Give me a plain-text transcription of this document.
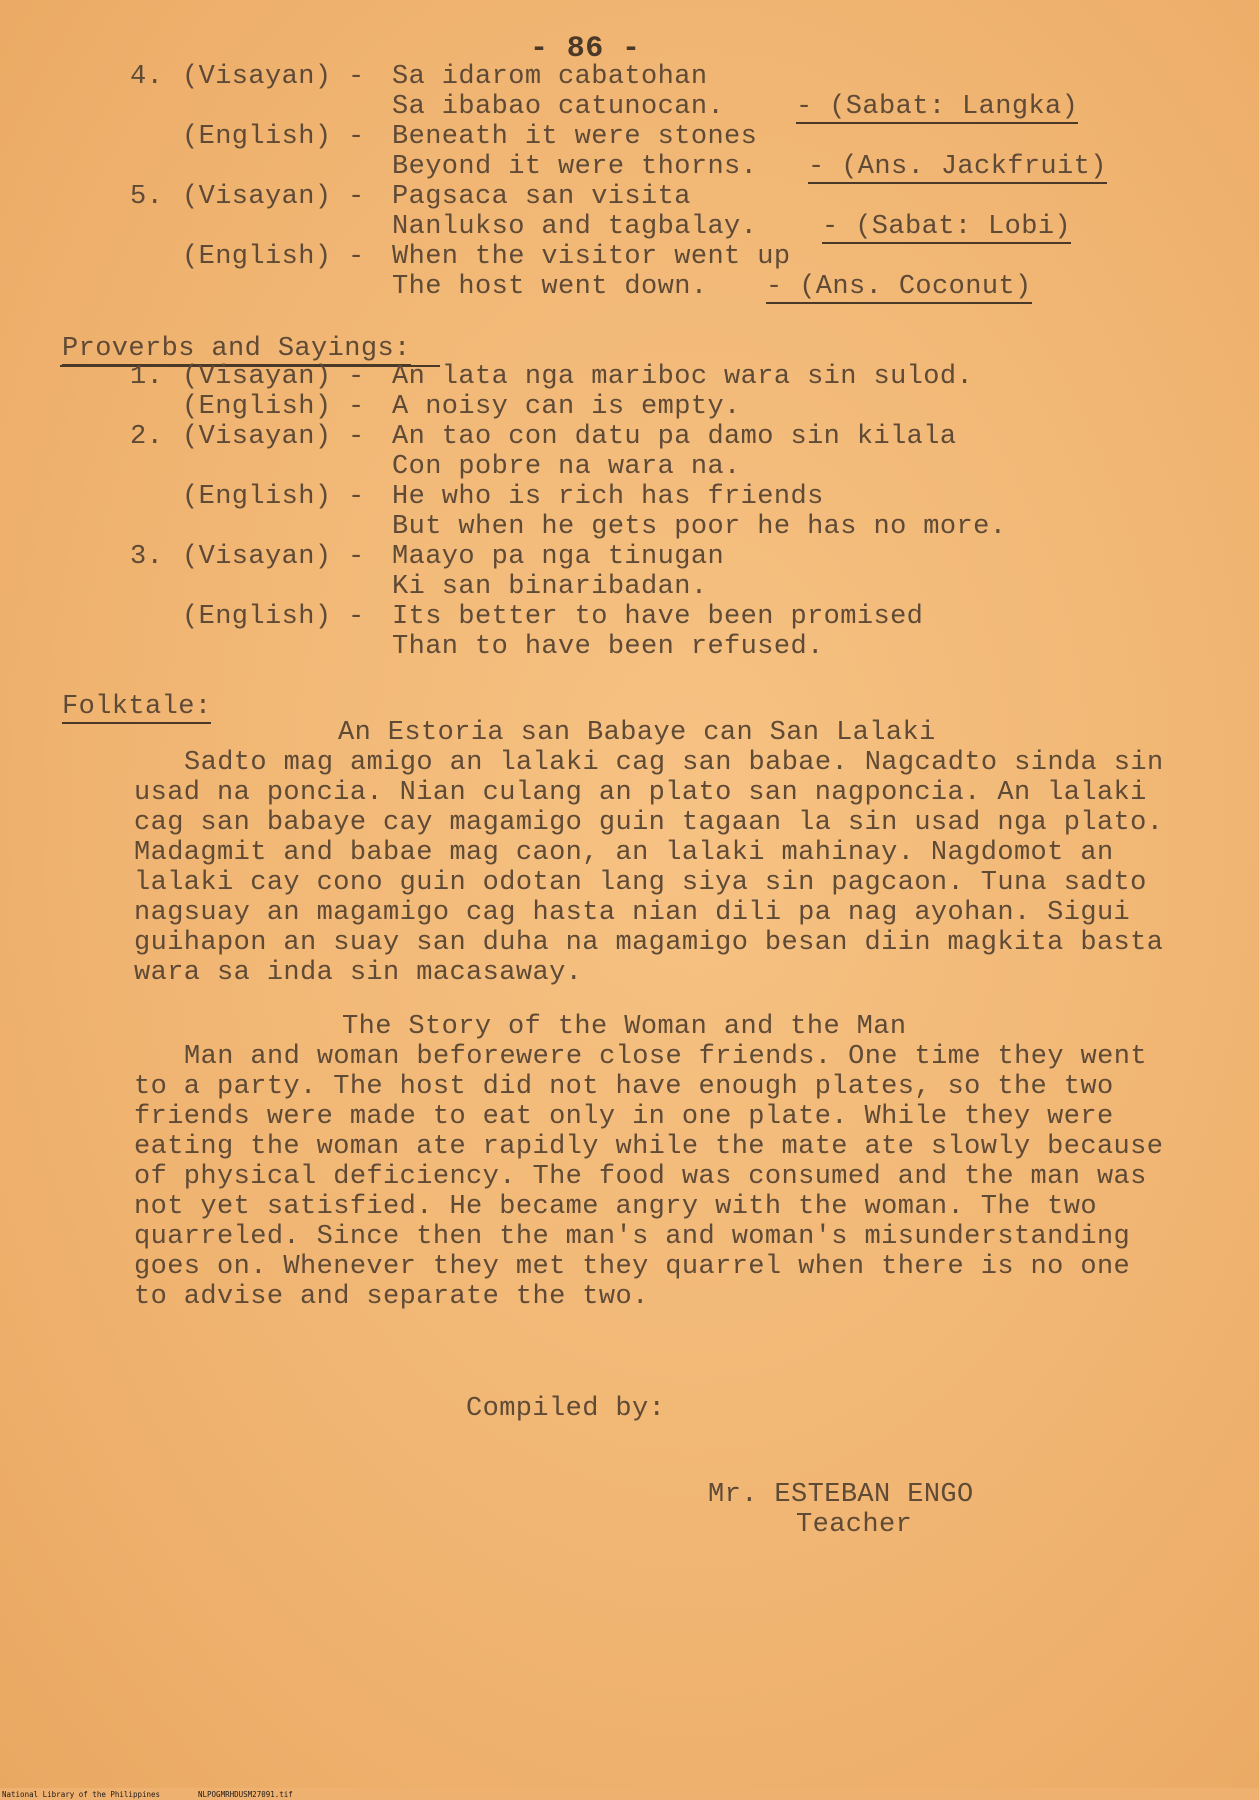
- 86 -
4. (Visayan) - Sa idarom cabatohan
Sa ibabao catunocan.	- (Sabat: Langka)
(English) - Beneath it were stones
Beyond it were thorns. - (Ans. Jackfruit)
5. (Visayan) - Pagsaca san visita
Nanlukso and tagbalay. - (Sabat: Lobi)
(English) - When the visitor went up
The host went down. - (Ans. Coconut)
Proverbs and Sayings:
1. (Visayan) - An lata nga mariboc wara sin sulod.
(English) - A noisy can is empty.
2. (Visayan) - An tao con datu pa damo sin kilala
Con pobre na wara na.
(English) - He who is rich has friends
But when he gets poor he has no more.
3. (Visayan) - Maayo pa nga tinugan
Ki san binaribadan.
(English) - Its better to have been promised
Than to have been refused.
Folktale:
An Estoria san Babaye can San Lalaki
Sadto mag amigo an lalaki cag san babae. Nagcadto sinda sin
usad na poncia. Nian culang an plato san nagponcia. An lalaki
cag san babaye cay magamigo guin tagaan la sin usad nga plato.
Madagmit and babae mag caon, an lalaki mahinay. Nagdomot an
lalaki cay cono guin odotan lang siya sin pagcaon. Tuna sadto
nagsuay an magamigo cag hasta nian dili pa nag ayohan. Sigui
guihapon an suay san duha na magamigo besan diin magkita basta
wara sa inda sin macasaway.
The Story of the Woman and the Man
Man and woman beforewere close friends. One time they went
to a party. The host did not have enough plates, so the two
friends were made to eat only in one plate. While they were
eating the woman ate rapidly while the mate ate slowly because
of physical deficiency. The food was consumed and the man was
not yet satisfied. He became angry with the woman. The two
quarreled. Since then the man's and woman's misunderstanding
goes on. Whenever they met they quarrel when there is no one
to advise and separate the two.
Compiled by:
Mr. ESTEBAN ENGO
Teacher
National Library of the Philippines	NLPOGMRHDUSM27091.tif
